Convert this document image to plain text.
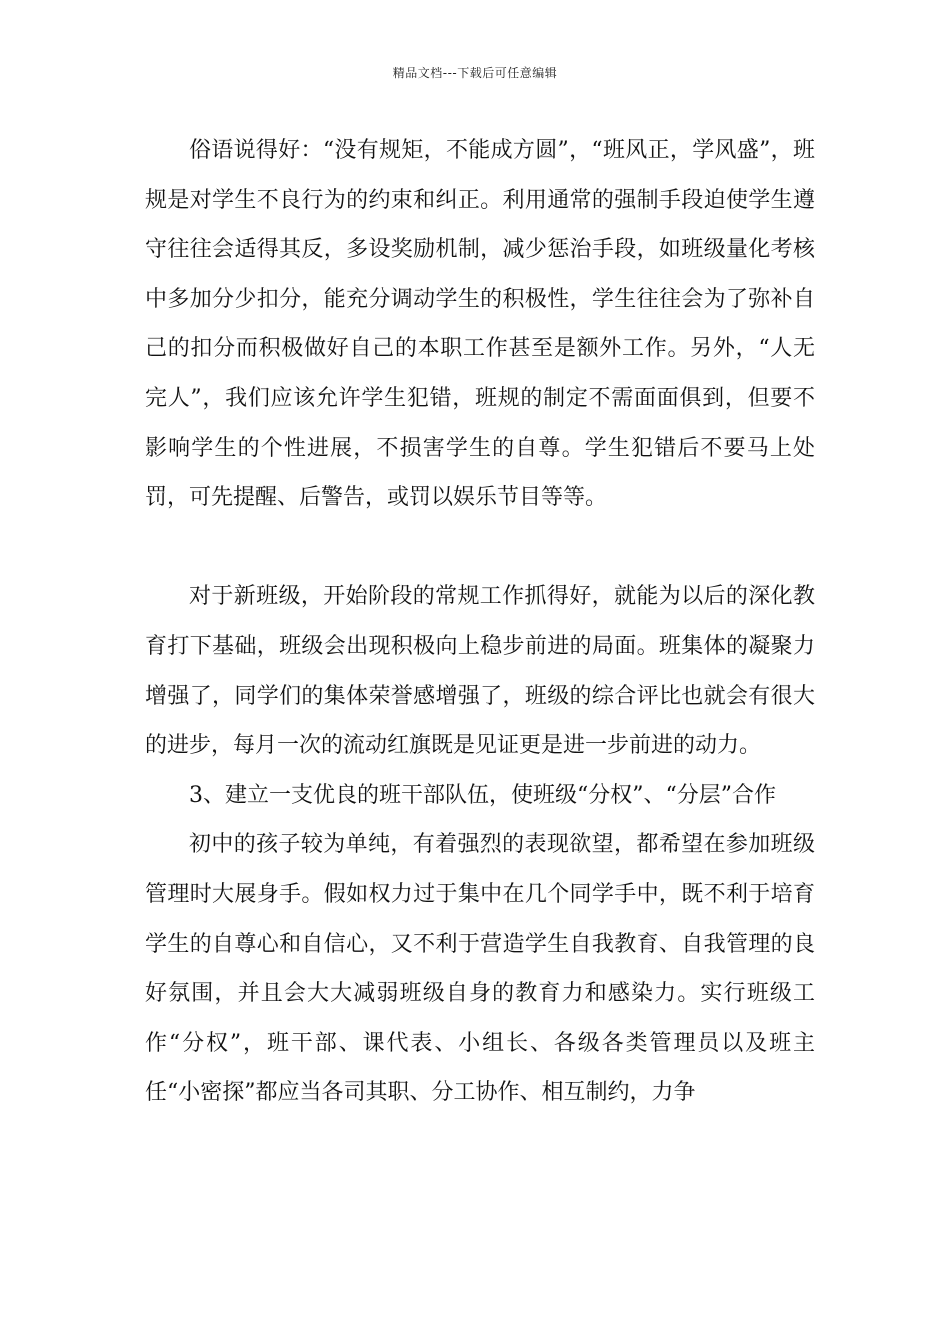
精品文档---下载后可任意编辑

俗语说得好：“没有规矩，不能成方圆”，“班风正，学风盛”，班规是对学生不良行为的约束和纠正。利用通常的强制手段迫使学生遵守往往会适得其反，多设奖励机制，减少惩治手段，如班级量化考核中多加分少扣分，能充分调动学生的积极性，学生往往会为了弥补自己的扣分而积极做好自己的本职工作甚至是额外工作。另外，“人无完人”，我们应该允许学生犯错，班规的制定不需面面俱到，但要不影响学生的个性进展，不损害学生的自尊。学生犯错后不要马上处罚，可先提醒、后警告，或罚以娱乐节目等等。

对于新班级，开始阶段的常规工作抓得好，就能为以后的深化教育打下基础，班级会出现积极向上稳步前进的局面。班集体的凝聚力增强了，同学们的集体荣誉感增强了，班级的综合评比也就会有很大的进步，每月一次的流动红旗既是见证更是进一步前进的动力。

3、建立一支优良的班干部队伍，使班级“分权”、“分层”合作

初中的孩子较为单纯，有着强烈的表现欲望，都希望在参加班级管理时大展身手。假如权力过于集中在几个同学手中，既不利于培育学生的自尊心和自信心，又不利于营造学生自我教育、自我管理的良好氛围，并且会大大减弱班级自身的教育力和感染力。实行班级工作“分权”，班干部、课代表、小组长、各级各类管理员以及班主任“小密探”都应当各司其职、分工协作、相互制约，力争
